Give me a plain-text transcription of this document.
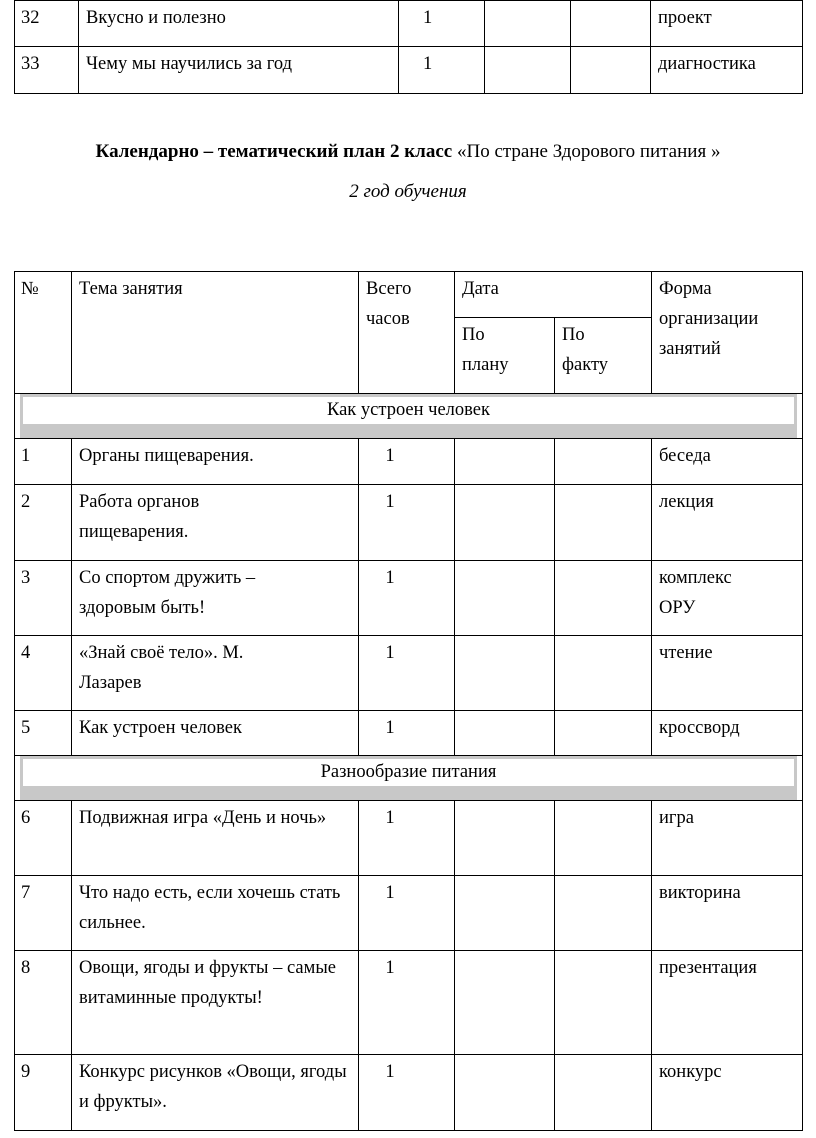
32	Вкусно и полезно	1			проект
33	Чему мы научились за год	1			диагностика
Календарно – тематический план 2 класс «По стране Здорового питания »
2 год обучения
№	Тема занятия	Всего часов	Дата		Форма организации занятий
			По плану	По факту	

Как устроен человек					

1	Органы пищеварения.	1			беседа
2	Работа органов пищеварения.	1			лекция
3	Со спортом дружить – здоровым быть!	1			комплекс ОРУ
4	«Знай своё тело». М. Лазарев	1			чтение
5	Как устроен человек	1			кроссворд

Разнообразие питания					

6	Подвижная игра «День и ночь»	1			игра
7	Что надо есть, если хочешь стать сильнее.	1			викторина
8	Овощи, ягоды и фрукты – самые витаминные продукты!	1			презентация
9	Конкурс рисунков «Овощи, ягоды и фрукты».	1			конкурс
